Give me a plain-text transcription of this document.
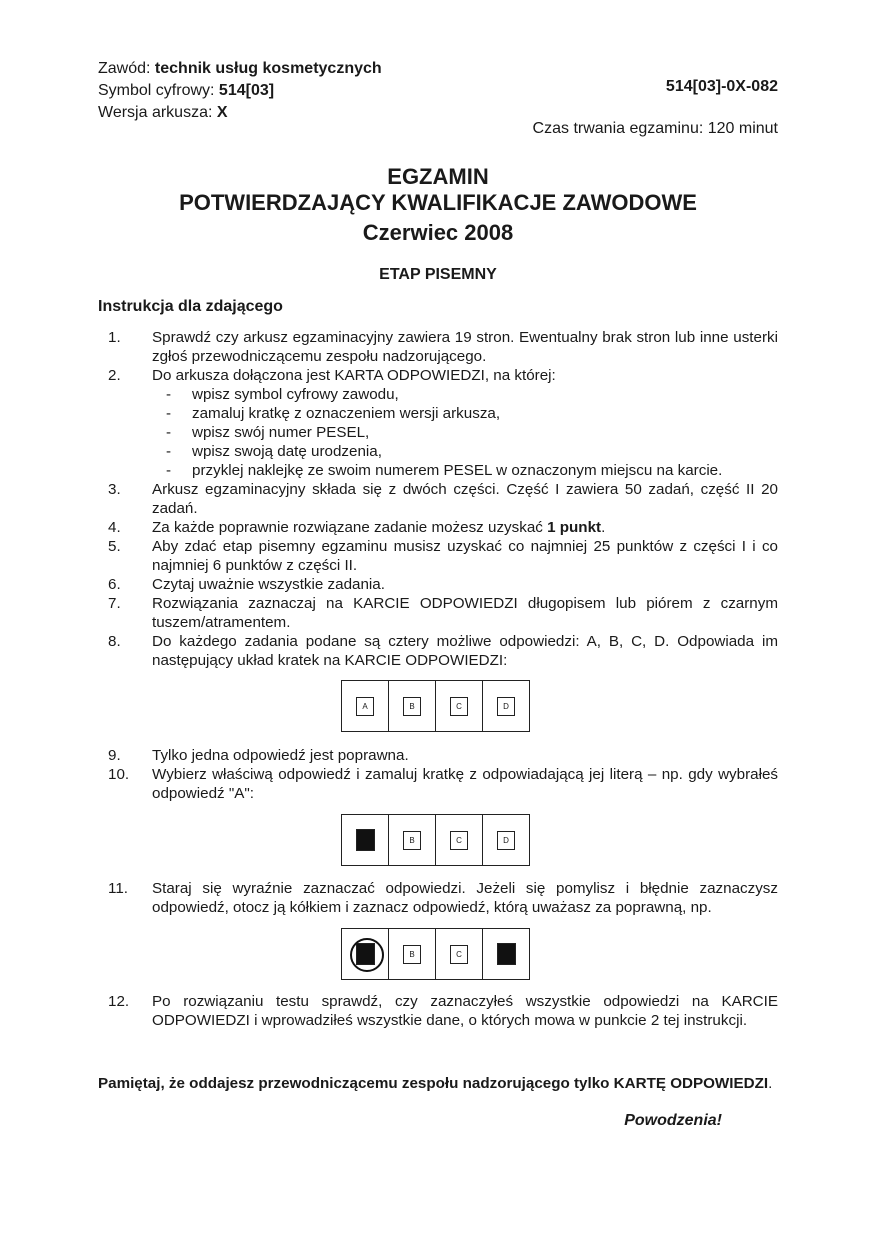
Zawód: technik usług kosmetycznych
Symbol cyfrowy: 514[03]
Wersja arkusza: X
514[03]-0X-082
Czas trwania egzaminu: 120 minut
EGZAMIN
POTWIERDZAJĄCY KWALIFIKACJE ZAWODOWE
Czerwiec 2008
ETAP PISEMNY
Instrukcja dla zdającego
1.	Sprawdź czy arkusz egzaminacyjny zawiera 19 stron. Ewentualny brak stron lub inne usterki zgłoś przewodniczącemu zespołu nadzorującego.
2.	Do arkusza dołączona jest KARTA ODPOWIEDZI, na której:
- wpisz symbol cyfrowy zawodu,
- zamaluj kratkę z oznaczeniem wersji arkusza,
- wpisz swój numer PESEL,
- wpisz swoją datę urodzenia,
- przyklej naklejkę ze swoim numerem PESEL w oznaczonym miejscu na karcie.
3.	Arkusz egzaminacyjny składa się z dwóch części. Część I zawiera 50 zadań, część II 20 zadań.
4.	Za każde poprawnie rozwiązane zadanie możesz uzyskać 1 punkt.
5.	Aby zdać etap pisemny egzaminu musisz uzyskać co najmniej 25 punktów z części I i co najmniej 6 punktów z części II.
6.	Czytaj uważnie wszystkie zadania.
7.	Rozwiązania zaznaczaj na KARCIE ODPOWIEDZI długopisem lub piórem z czarnym tuszem/atramentem.
8.	Do każdego zadania podane są cztery możliwe odpowiedzi: A, B, C, D. Odpowiada im następujący układ kratek na KARCIE ODPOWIEDZI:
A	B	C	D
9.	Tylko jedna odpowiedź jest poprawna.
10.	Wybierz właściwą odpowiedź i zamaluj kratkę z odpowiadającą jej literą – np. gdy wybrałeś odpowiedź "A":
B	C	D
11.	Staraj się wyraźnie zaznaczać odpowiedzi. Jeżeli się pomylisz i błędnie zaznaczysz odpowiedź, otocz ją kółkiem i zaznacz odpowiedź, którą uważasz za poprawną, np.
B	C
12.	Po rozwiązaniu testu sprawdź, czy zaznaczyłeś wszystkie odpowiedzi na KARCIE ODPOWIEDZI i wprowadziłeś wszystkie dane, o których mowa w punkcie 2 tej instrukcji.
Pamiętaj, że oddajesz przewodniczącemu zespołu nadzorującego tylko KARTĘ ODPOWIEDZI.
Powodzenia!
